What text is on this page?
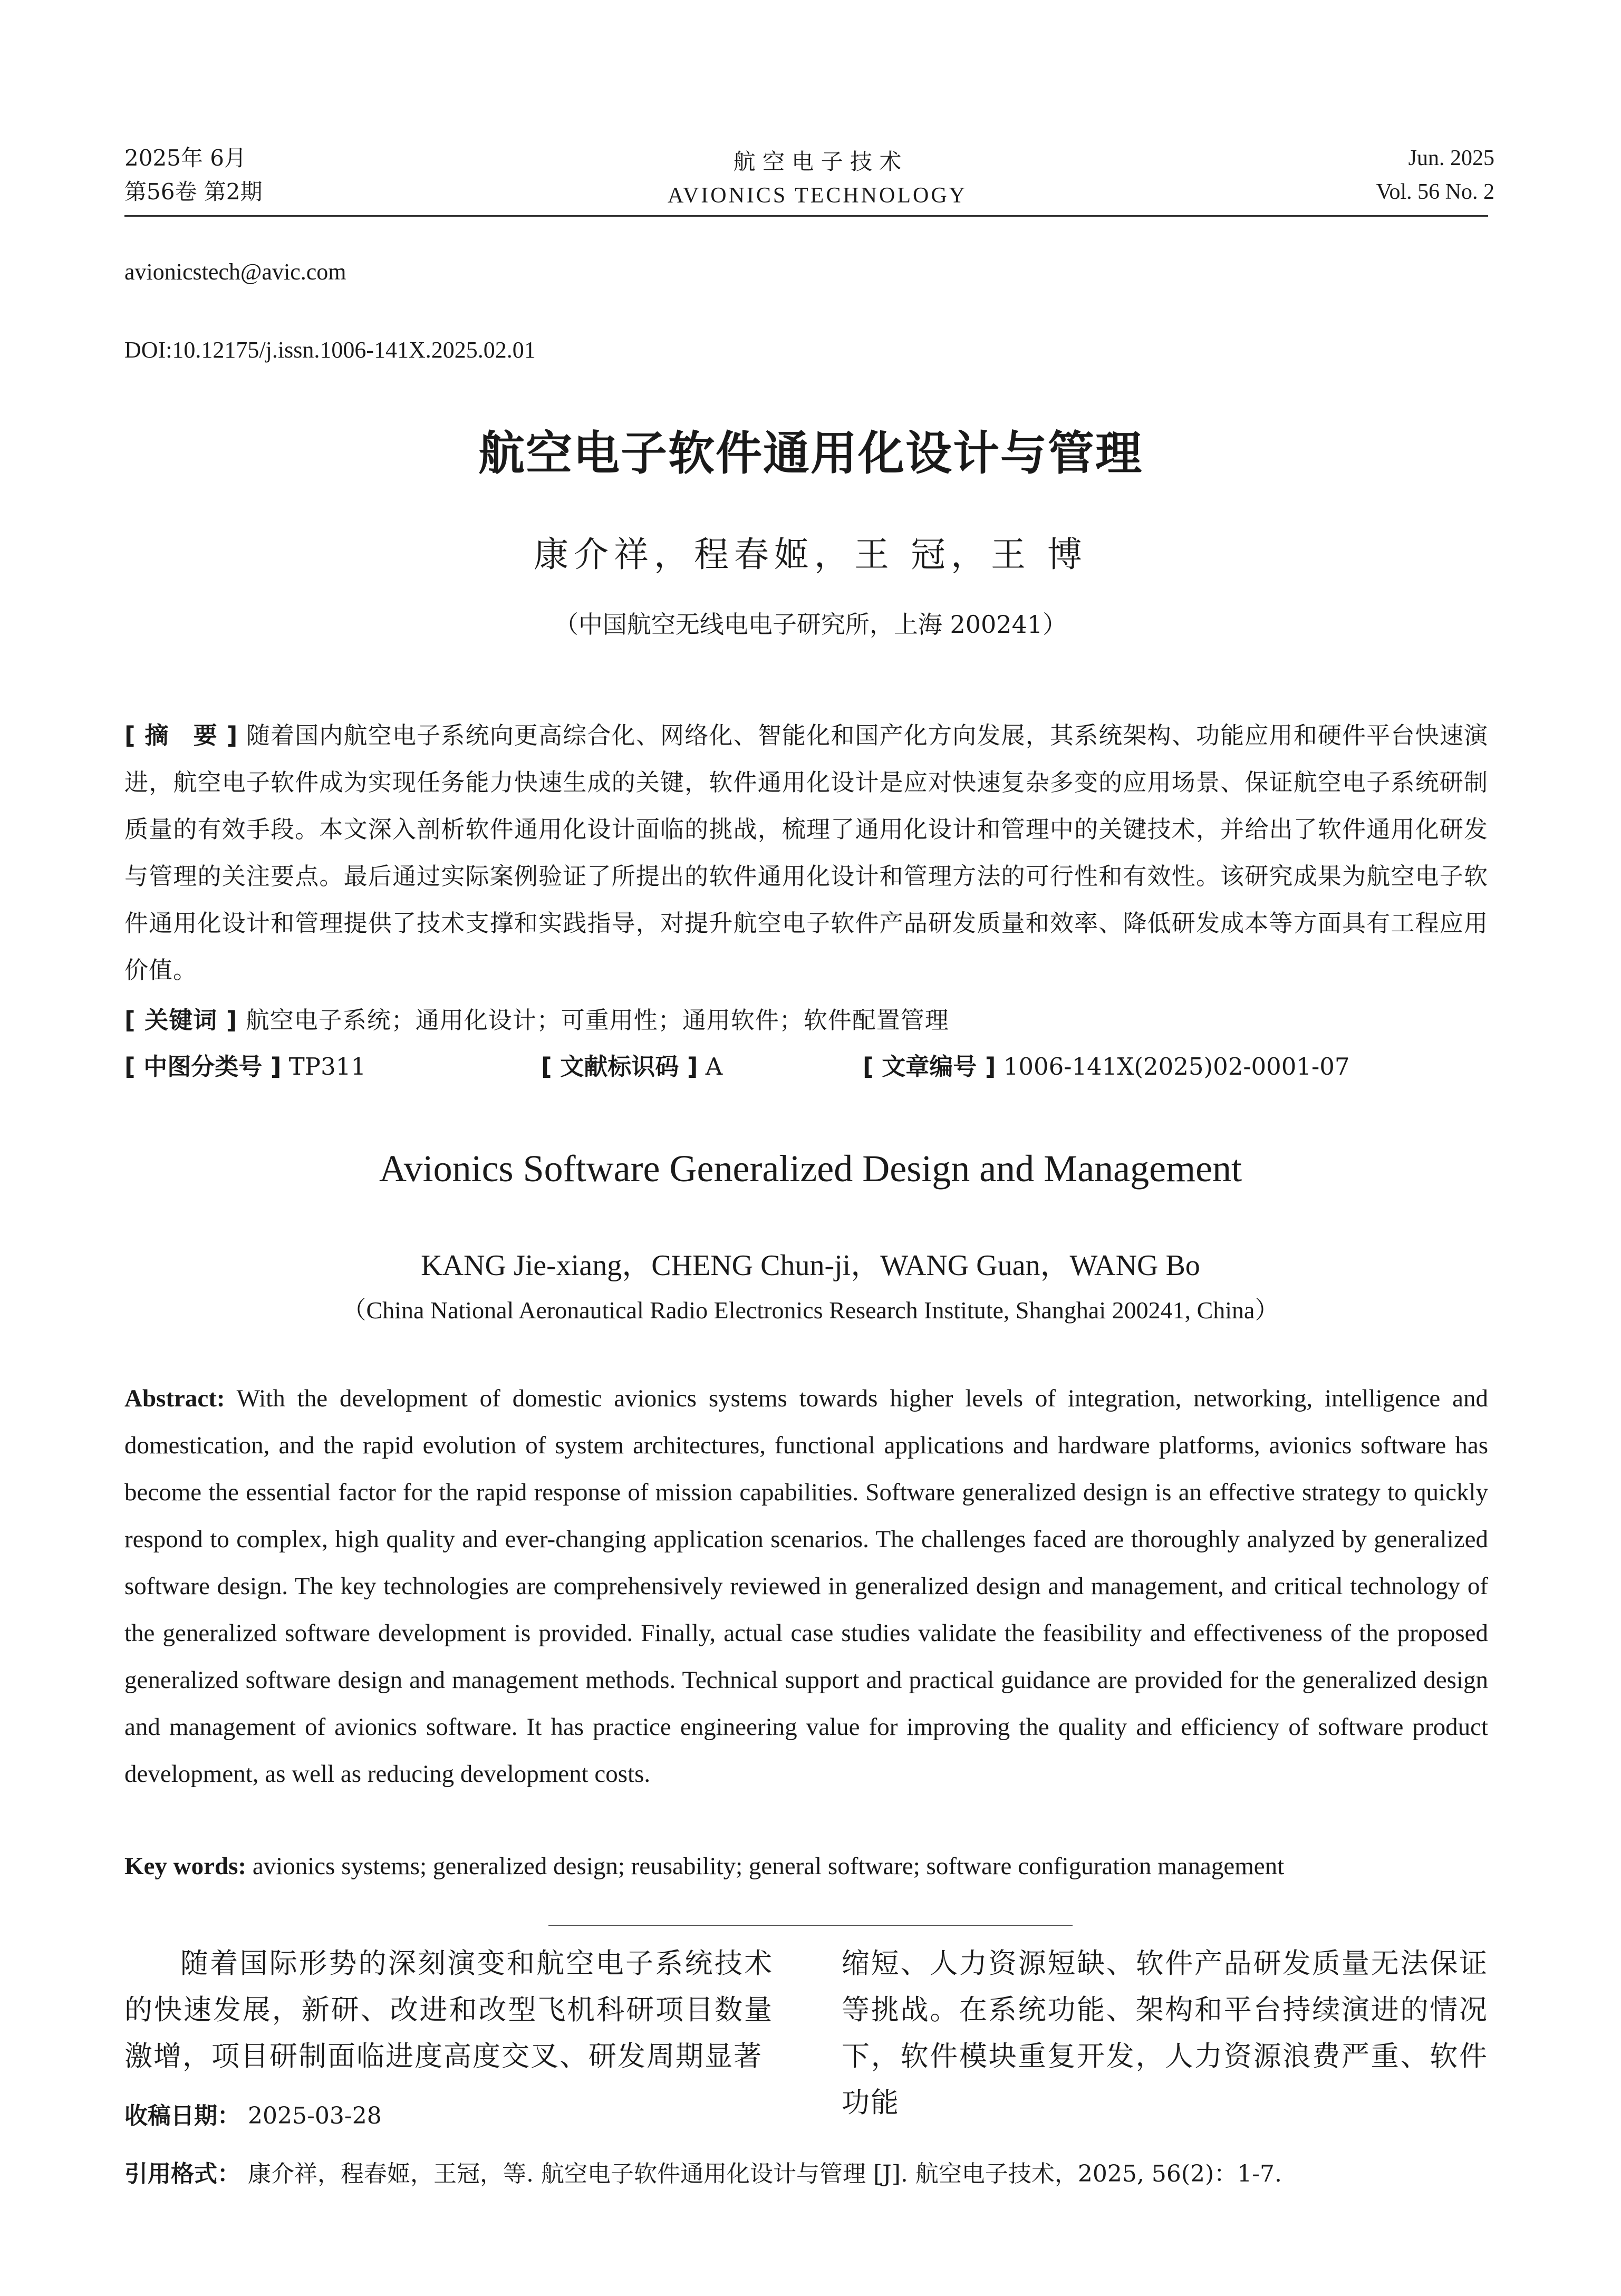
2025年 6月
第56卷 第2期
航 空 电 子 技 术
AVIONICS TECHNOLOGY
Jun. 2025
Vol. 56 No. 2
avionicstech@avic.com
DOI:10.12175/j.issn.1006-141X.2025.02.01
航空电子软件通用化设计与管理
康介祥，程春姬，王 冠，王 博
（中国航空无线电电子研究所，上海 200241）
[ 摘　要 ] 随着国内航空电子系统向更高综合化、网络化、智能化和国产化方向发展，其系统架构、功能应用和硬件平台快速演进，航空电子软件成为实现任务能力快速生成的关键，软件通用化设计是应对快速复杂多变的应用场景、保证航空电子系统研制质量的有效手段。本文深入剖析软件通用化设计面临的挑战，梳理了通用化设计和管理中的关键技术，并给出了软件通用化研发与管理的关注要点。最后通过实际案例验证了所提出的软件通用化设计和管理方法的可行性和有效性。该研究成果为航空电子软件通用化设计和管理提供了技术支撑和实践指导，对提升航空电子软件产品研发质量和效率、降低研发成本等方面具有工程应用价值。
[ 关键词 ] 航空电子系统；通用化设计；可重用性；通用软件；软件配置管理
[ 中图分类号 ] TP311	[ 文献标识码 ] A	[ 文章编号 ] 1006-141X(2025)02-0001-07
Avionics Software Generalized Design and Management
KANG Jie-xiang，CHENG Chun-ji，WANG Guan，WANG Bo
（China National Aeronautical Radio Electronics Research Institute, Shanghai 200241, China）
Abstract: With the development of domestic avionics systems towards higher levels of integration, networking, intelligence and domestication, and the rapid evolution of system architectures, functional applications and hardware platforms, avionics software has become the essential factor for the rapid response of mission capabilities. Software generalized design is an effective strategy to quickly respond to complex, high quality and ever-changing application scenarios. The challenges faced are thoroughly analyzed by generalized software design. The key technologies are comprehensively reviewed in generalized design and management, and critical technology of the generalized software development is provided. Finally, actual case studies validate the feasibility and effectiveness of the proposed generalized software design and management methods. Technical support and practical guidance are provided for the generalized design and management of avionics software. It has practice engineering value for improving the quality and efficiency of software product development, as well as reducing development costs.
Key words: avionics systems; generalized design; reusability; general software; software configuration management
随着国际形势的深刻演变和航空电子系统技术的快速发展，新研、改进和改型飞机科研项目数量激增，项目研制面临进度高度交叉、研发周期显著
缩短、人力资源短缺、软件产品研发质量无法保证等挑战。在系统功能、架构和平台持续演进的情况下，软件模块重复开发，人力资源浪费严重、软件功能
收稿日期： 2025-03-28
引用格式： 康介祥，程春姬，王冠，等. 航空电子软件通用化设计与管理 [J]. 航空电子技术，2025, 56(2)：1-7.
